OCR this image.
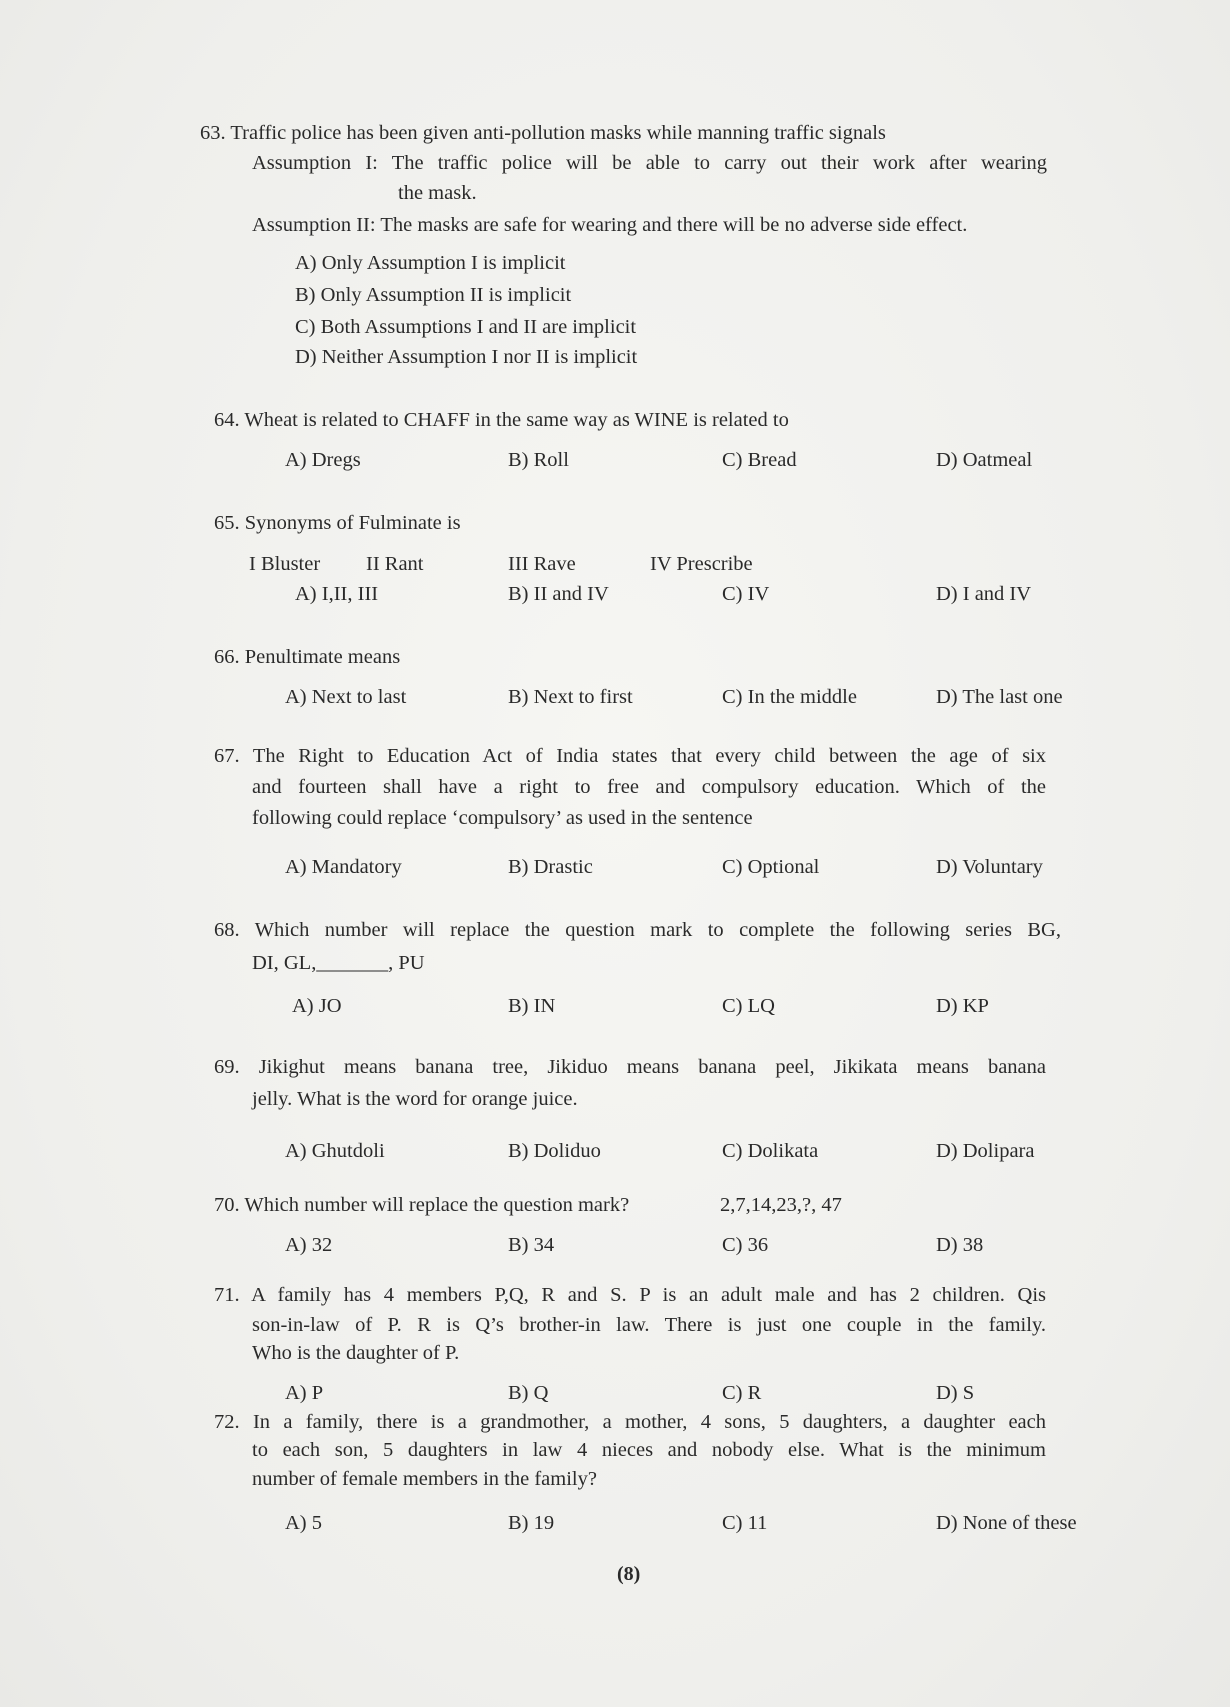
63. Traffic police has been given anti-pollution masks while manning traffic signals
Assumption I: The traffic police will be able to carry out their work after wearing
the mask.
Assumption II: The masks are safe for wearing and there will be no adverse side effect.
A) Only Assumption I is implicit
B) Only Assumption II is implicit
C) Both Assumptions I and II are implicit
D) Neither Assumption I nor II is implicit
64. Wheat is related to CHAFF in the same way as WINE is related to
A) Dregs	B) Roll	C) Bread	D) Oatmeal
65. Synonyms of Fulminate is
I Bluster II Rant	III Rave	IV Prescribe
A) I,II, III	B) II and IV	C) IV	D) I and IV
66. Penultimate means
A) Next to last	B) Next to first	C) In the middle	D) The last one
67. The Right to Education Act of India states that every child between the age of six
and fourteen shall have a right to free and compulsory education. Which of the
following could replace ‘compulsory’ as used in the sentence
A) Mandatory	B) Drastic	C) Optional	D) Voluntary
68. Which number will replace the question mark to complete the following series BG,
DI, GL,_______, PU
A) JO	B) IN	C) LQ	D) KP
69. Jikighut means banana tree, Jikiduo means banana peel, Jikikata means banana
jelly. What is the word for orange juice.
A) Ghutdoli	B) Doliduo	C) Dolikata	D) Dolipara
70. Which number will replace the question mark?	2,7,14,23,?, 47
A) 32	B) 34	C) 36	D) 38
71. A family has 4 members P,Q, R and S. P is an adult male and has 2 children. Qis
son-in-law of P. R is Q’s brother-in law. There is just one couple in the family.
Who is the daughter of P.
A) P	B) Q	C) R	D) S
72. In a family, there is a grandmother, a mother, 4 sons, 5 daughters, a daughter each
to each son, 5 daughters in law 4 nieces and nobody else. What is the minimum
number of female members in the family?
A) 5	B) 19	C) 11	D) None of these
(8)
